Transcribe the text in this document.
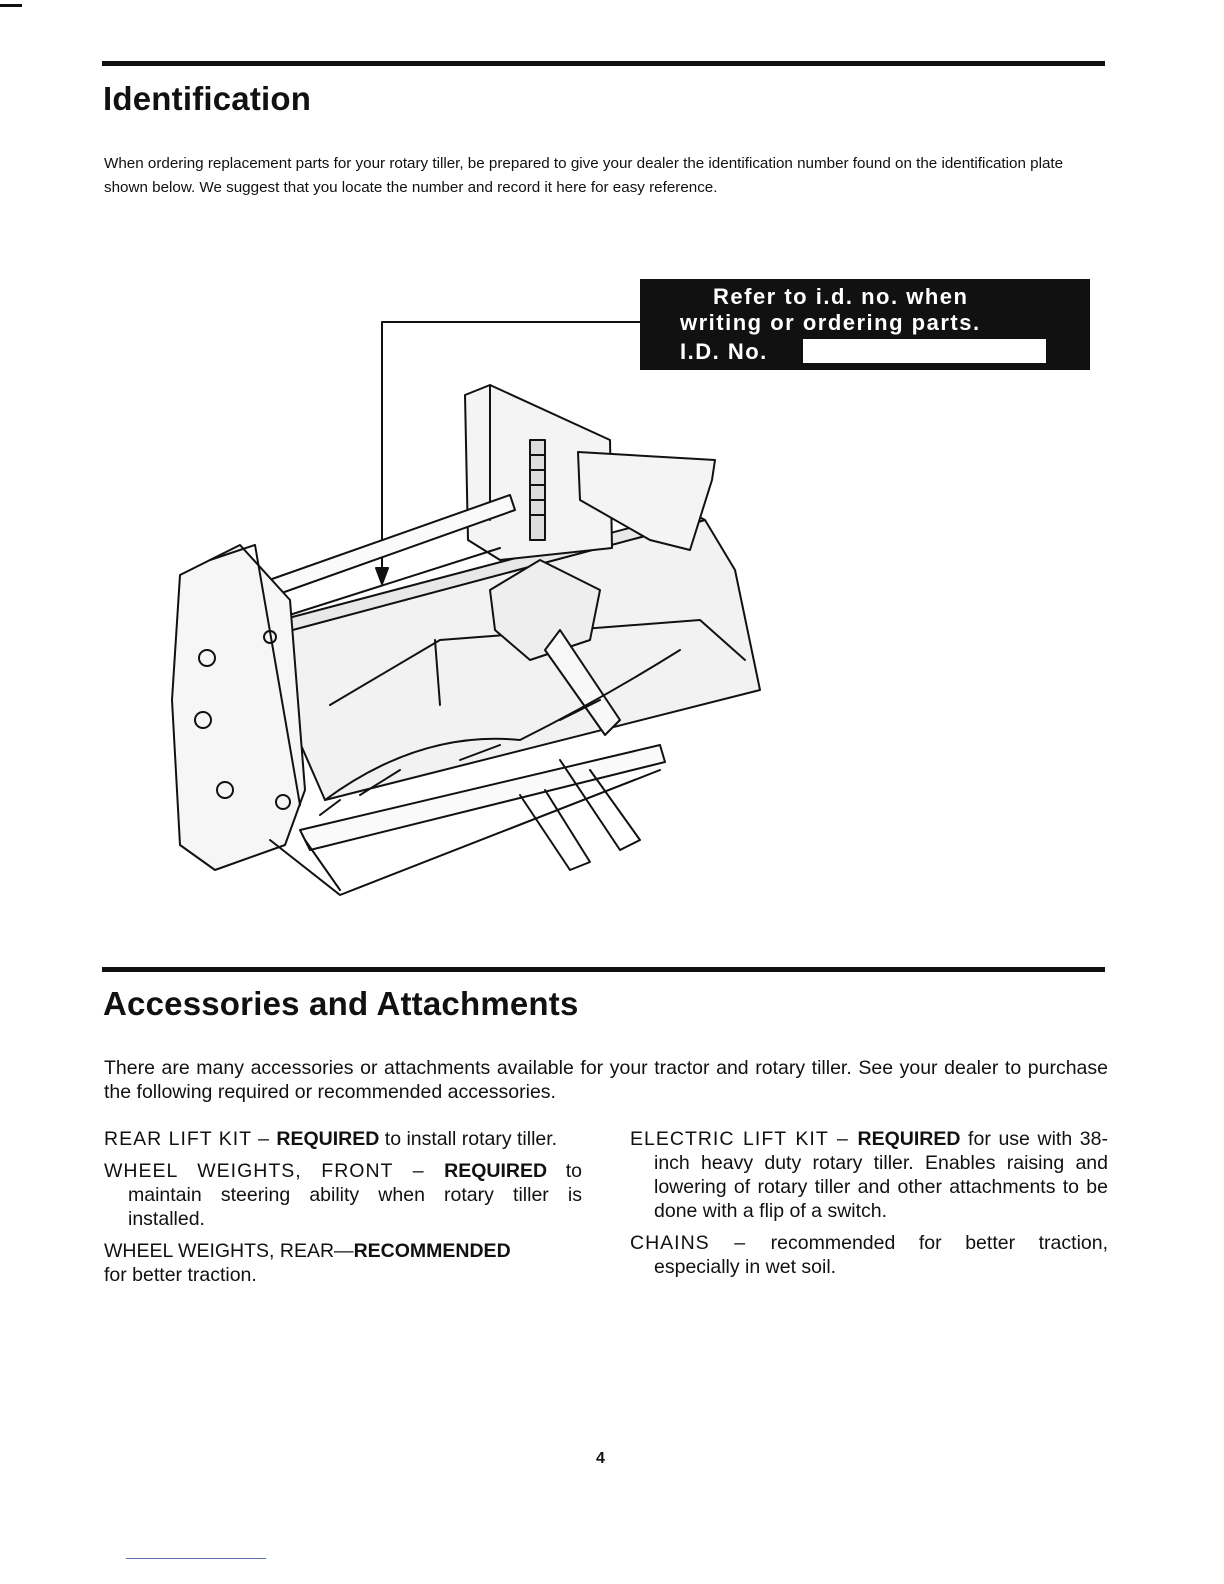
Identification

When ordering replacement parts for your rotary tiller, be prepared to give your dealer the identification number found on the identification plate shown below. We suggest that you locate the number and record it here for easy reference.

Refer to i.d. no. when
writing or ordering parts.
I.D. No.
Accessories and Attachments

There are many accessories or attachments available for your tractor and rotary tiller. See your dealer to purchase the following required or recommended accessories.

REAR LIFT KIT – REQUIRED to install rotary tiller.

WHEEL WEIGHTS, FRONT – REQUIRED to maintain steering ability when rotary tiller is installed.

WHEEL WEIGHTS, REAR—RECOMMENDED
for better traction.

ELECTRIC LIFT KIT – REQUIRED for use with 38-inch heavy duty rotary tiller. Enables raising and lowering of rotary tiller and other attachments to be done with a flip of a switch.

CHAINS – recommended for better traction, especially in wet soil.

4
